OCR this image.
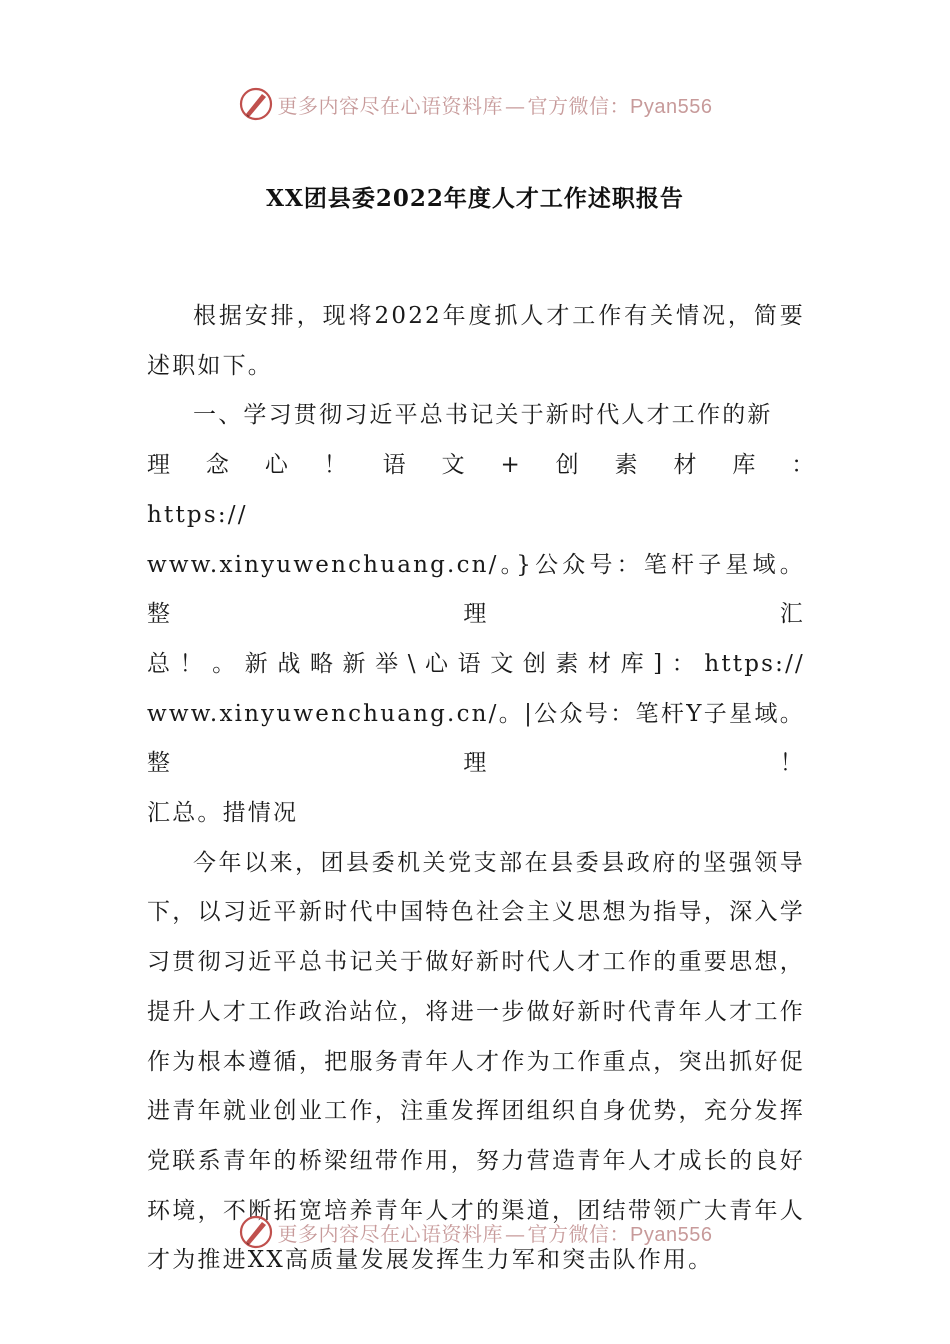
更多内容尽在心语资料库 — 官方微信：Pyan556
XX团县委2022年度人才工作述职报告

根据安排，现将2022年度抓人才工作有关情况，简要述职如下。

一、学习贯彻习近平总书记关于新时代人才工作的新

理　念　心　！　语　文　+　创　素　材　库　：　https://
www.xinyuwenchuang.cn/。}公众号：笔杆子星域。整理汇
总！。新战略新举\心语文创素材库]：https://
www.xinyuwenchuang.cn/。|公众号：笔杆Y子星域。整理！
汇总。措情况

今年以来，团县委机关党支部在县委县政府的坚强领导下，以习近平新时代中国特色社会主义思想为指导，深入学习贯彻习近平总书记关于做好新时代人才工作的重要思想，提升人才工作政治站位，将进一步做好新时代青年人才工作作为根本遵循，把服务青年人才作为工作重点，突出抓好促进青年就业创业工作，注重发挥团组织自身优势，充分发挥党联系青年的桥梁纽带作用，努力营造青年人才成长的良好环境，不断拓宽培养青年人才的渠道，团结带领广大青年人才为推进XX高质量发展发挥生力军和突击队作用。

更多内容尽在心语资料库 — 官方微信：Pyan556
